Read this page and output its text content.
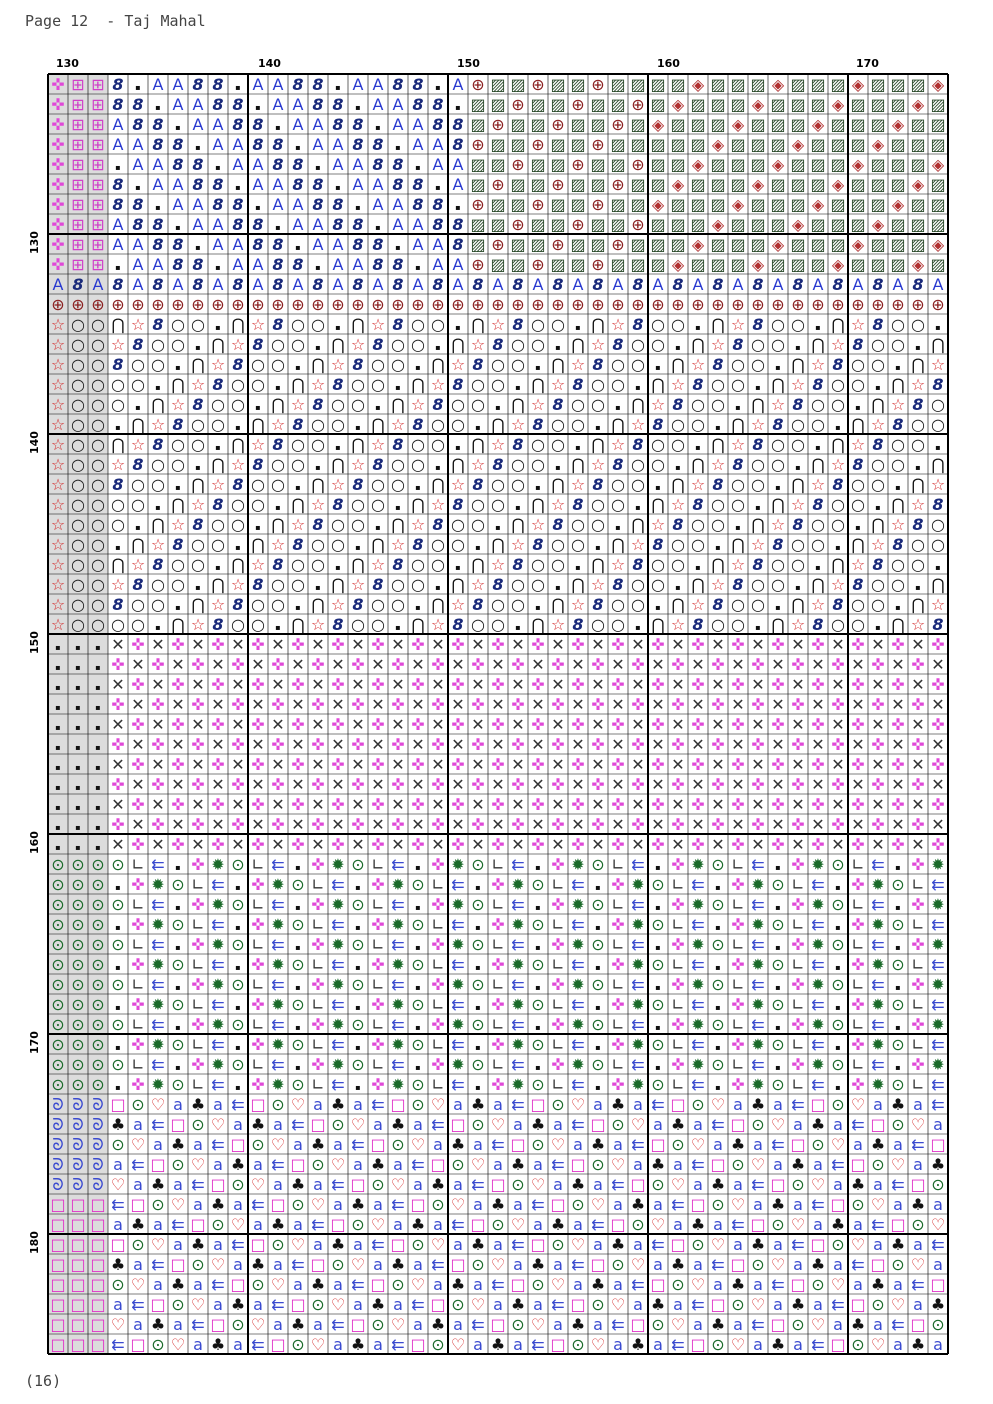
Page 12  - Taj Mahal
130	140	150	160	170
130
140
150
160
170
180
✜ ⊞ ⊞ 8 ▪ A A 8 8 ▪ A A 8 8 ▪ A A 8 8 ▪ A ⊕ ▨ ▨ ⊕ ▨ ▨ ⊕ ▨ ▨ ▨ ▨ ◈ ▨ ▨ ▨ ◈ ▨ ▨ ▨ ◈ ▨ ▨ ▨ ◈
✜ ⊞ ⊞ 8 8 ▪ A A 8 8 ▪ A A 8 8 ▪ A A 8 8 ▪ ▨ ▨ ⊕ ▨ ▨ ⊕ ▨ ▨ ⊕ ▨ ◈ ▨ ▨ ▨ ◈ ▨ ▨ ▨ ◈ ▨ ▨ ▨ ◈ ▨
✜ ⊞ ⊞ A 8 8 ▪ A A 8 8 ▪ A A 8 8 ▪ A A 8 8 ▨ ⊕ ▨ ▨ ⊕ ▨ ▨ ⊕ ▨ ◈ ▨ ▨ ▨ ◈ ▨ ▨ ▨ ◈ ▨ ▨ ▨ ◈ ▨ ▨
✜ ⊞ ⊞ A A 8 8 ▪ A A 8 8 ▪ A A 8 8 ▪ A A 8 ⊕ ▨ ▨ ⊕ ▨ ▨ ⊕ ▨ ▨ ▨ ▨ ▨ ◈ ▨ ▨ ▨ ◈ ▨ ▨ ▨ ◈ ▨ ▨ ▨
✜ ⊞ ⊞ ▪ A A 8 8 ▪ A A 8 8 ▪ A A 8 8 ▪ A A ▨ ▨ ⊕ ▨ ▨ ⊕ ▨ ▨ ⊕ ▨ ▨ ◈ ▨ ▨ ▨ ◈ ▨ ▨ ▨ ◈ ▨ ▨ ▨ ◈
✜ ⊞ ⊞ 8 ▪ A A 8 8 ▪ A A 8 8 ▪ A A 8 8 ▪ A ▨ ⊕ ▨ ▨ ⊕ ▨ ▨ ⊕ ▨ ▨ ◈ ▨ ▨ ▨ ◈ ▨ ▨ ▨ ◈ ▨ ▨ ▨ ◈ ▨
✜ ⊞ ⊞ 8 8 ▪ A A 8 8 ▪ A A 8 8 ▪ A A 8 8 ▪ ⊕ ▨ ▨ ⊕ ▨ ▨ ⊕ ▨ ▨ ◈ ▨ ▨ ▨ ◈ ▨ ▨ ▨ ◈ ▨ ▨ ▨ ◈ ▨ ▨
✜ ⊞ ⊞ A 8 8 ▪ A A 8 8 ▪ A A 8 8 ▪ A A 8 8 ▨ ▨ ⊕ ▨ ▨ ⊕ ▨ ▨ ⊕ ▨ ▨ ▨ ◈ ▨ ▨ ▨ ◈ ▨ ▨ ▨ ◈ ▨ ▨ ▨
✜ ⊞ ⊞ A A 8 8 ▪ A A 8 8 ▪ A A 8 8 ▪ A A 8 ▨ ⊕ ▨ ▨ ⊕ ▨ ▨ ⊕ ▨ ▨ ▨ ◈ ▨ ▨ ▨ ◈ ▨ ▨ ▨ ◈ ▨ ▨ ▨ ◈
✜ ⊞ ⊞ ▪ A A 8 8 ▪ A A 8 8 ▪ A A 8 8 ▪ A A ⊕ ▨ ▨ ⊕ ▨ ▨ ⊕ ▨ ▨ ▨ ◈ ▨ ▨ ▨ ◈ ▨ ▨ ▨ ◈ ▨ ▨ ▨ ◈ ▨
A 8 A 8 A 8 A 8 A 8 A 8 A 8 A 8 A 8 A 8 A 8 A 8 A 8 A 8 A 8 A 8 A 8 A 8 A 8 A 8 A 8 A 8 A
⊕ ⊕ ⊕ ⊕ ⊕ ⊕ ⊕ ⊕ ⊕ ⊕ ⊕ ⊕ ⊕ ⊕ ⊕ ⊕ ⊕ ⊕ ⊕ ⊕ ⊕ ⊕ ⊕ ⊕ ⊕ ⊕ ⊕ ⊕ ⊕ ⊕ ⊕ ⊕ ⊕ ⊕ ⊕ ⊕ ⊕ ⊕ ⊕ ⊕ ⊕ ⊕ ⊕ ⊕ ⊕
☆ ○ ○ ⋂ ☆ 8 ○ ○ ▪ ⋂ ☆ 8 ○ ○ ▪ ⋂ ☆ 8 ○ ○ ▪ ⋂ ☆ 8 ○ ○ ▪ ⋂ ☆ 8 ○ ○ ▪ ⋂ ☆ 8 ○ ○ ▪ ⋂ ☆ 8 ○ ○ ▪
☆ ○ ○ ☆ 8 ○ ○ ▪ ⋂ ☆ 8 ○ ○ ▪ ⋂ ☆ 8 ○ ○ ▪ ⋂ ☆ 8 ○ ○ ▪ ⋂ ☆ 8 ○ ○ ▪ ⋂ ☆ 8 ○ ○ ▪ ⋂ ☆ 8 ○ ○ ▪ ⋂
☆ ○ ○ 8 ○ ○ ▪ ⋂ ☆ 8 ○ ○ ▪ ⋂ ☆ 8 ○ ○ ▪ ⋂ ☆ 8 ○ ○ ▪ ⋂ ☆ 8 ○ ○ ▪ ⋂ ☆ 8 ○ ○ ▪ ⋂ ☆ 8 ○ ○ ▪ ⋂ ☆
☆ ○ ○ ○ ○ ▪ ⋂ ☆ 8 ○ ○ ▪ ⋂ ☆ 8 ○ ○ ▪ ⋂ ☆ 8 ○ ○ ▪ ⋂ ☆ 8 ○ ○ ▪ ⋂ ☆ 8 ○ ○ ▪ ⋂ ☆ 8 ○ ○ ▪ ⋂ ☆ 8
☆ ○ ○ ○ ▪ ⋂ ☆ 8 ○ ○ ▪ ⋂ ☆ 8 ○ ○ ▪ ⋂ ☆ 8 ○ ○ ▪ ⋂ ☆ 8 ○ ○ ▪ ⋂ ☆ 8 ○ ○ ▪ ⋂ ☆ 8 ○ ○ ▪ ⋂ ☆ 8 ○
☆ ○ ○ ▪ ⋂ ☆ 8 ○ ○ ▪ ⋂ ☆ 8 ○ ○ ▪ ⋂ ☆ 8 ○ ○ ▪ ⋂ ☆ 8 ○ ○ ▪ ⋂ ☆ 8 ○ ○ ▪ ⋂ ☆ 8 ○ ○ ▪ ⋂ ☆ 8 ○ ○
☆ ○ ○ ⋂ ☆ 8 ○ ○ ▪ ⋂ ☆ 8 ○ ○ ▪ ⋂ ☆ 8 ○ ○ ▪ ⋂ ☆ 8 ○ ○ ▪ ⋂ ☆ 8 ○ ○ ▪ ⋂ ☆ 8 ○ ○ ▪ ⋂ ☆ 8 ○ ○ ▪
☆ ○ ○ ☆ 8 ○ ○ ▪ ⋂ ☆ 8 ○ ○ ▪ ⋂ ☆ 8 ○ ○ ▪ ⋂ ☆ 8 ○ ○ ▪ ⋂ ☆ 8 ○ ○ ▪ ⋂ ☆ 8 ○ ○ ▪ ⋂ ☆ 8 ○ ○ ▪ ⋂
☆ ○ ○ 8 ○ ○ ▪ ⋂ ☆ 8 ○ ○ ▪ ⋂ ☆ 8 ○ ○ ▪ ⋂ ☆ 8 ○ ○ ▪ ⋂ ☆ 8 ○ ○ ▪ ⋂ ☆ 8 ○ ○ ▪ ⋂ ☆ 8 ○ ○ ▪ ⋂ ☆
☆ ○ ○ ○ ○ ▪ ⋂ ☆ 8 ○ ○ ▪ ⋂ ☆ 8 ○ ○ ▪ ⋂ ☆ 8 ○ ○ ▪ ⋂ ☆ 8 ○ ○ ▪ ⋂ ☆ 8 ○ ○ ▪ ⋂ ☆ 8 ○ ○ ▪ ⋂ ☆ 8
☆ ○ ○ ○ ▪ ⋂ ☆ 8 ○ ○ ▪ ⋂ ☆ 8 ○ ○ ▪ ⋂ ☆ 8 ○ ○ ▪ ⋂ ☆ 8 ○ ○ ▪ ⋂ ☆ 8 ○ ○ ▪ ⋂ ☆ 8 ○ ○ ▪ ⋂ ☆ 8 ○
☆ ○ ○ ▪ ⋂ ☆ 8 ○ ○ ▪ ⋂ ☆ 8 ○ ○ ▪ ⋂ ☆ 8 ○ ○ ▪ ⋂ ☆ 8 ○ ○ ▪ ⋂ ☆ 8 ○ ○ ▪ ⋂ ☆ 8 ○ ○ ▪ ⋂ ☆ 8 ○ ○
☆ ○ ○ ⋂ ☆ 8 ○ ○ ▪ ⋂ ☆ 8 ○ ○ ▪ ⋂ ☆ 8 ○ ○ ▪ ⋂ ☆ 8 ○ ○ ▪ ⋂ ☆ 8 ○ ○ ▪ ⋂ ☆ 8 ○ ○ ▪ ⋂ ☆ 8 ○ ○ ▪
☆ ○ ○ ☆ 8 ○ ○ ▪ ⋂ ☆ 8 ○ ○ ▪ ⋂ ☆ 8 ○ ○ ▪ ⋂ ☆ 8 ○ ○ ▪ ⋂ ☆ 8 ○ ○ ▪ ⋂ ☆ 8 ○ ○ ▪ ⋂ ☆ 8 ○ ○ ▪ ⋂
☆ ○ ○ 8 ○ ○ ▪ ⋂ ☆ 8 ○ ○ ▪ ⋂ ☆ 8 ○ ○ ▪ ⋂ ☆ 8 ○ ○ ▪ ⋂ ☆ 8 ○ ○ ▪ ⋂ ☆ 8 ○ ○ ▪ ⋂ ☆ 8 ○ ○ ▪ ⋂ ☆
☆ ○ ○ ○ ○ ▪ ⋂ ☆ 8 ○ ○ ▪ ⋂ ☆ 8 ○ ○ ▪ ⋂ ☆ 8 ○ ○ ▪ ⋂ ☆ 8 ○ ○ ▪ ⋂ ☆ 8 ○ ○ ▪ ⋂ ☆ 8 ○ ○ ▪ ⋂ ☆ 8
▪ ▪ ▪ ✕ ✜ ✕ ✜ ✕ ✜ ✕ ✜ ✕ ✜ ✕ ✜ ✕ ✜ ✕ ✜ ✕ ✜ ✕ ✜ ✕ ✜ ✕ ✜ ✕ ✜ ✕ ✜ ✕ ✜ ✕ ✜ ✕ ✜ ✕ ✜ ✕ ✜ ✕ ✜ ✕ ✜
▪ ▪ ▪ ✜ ✕ ✜ ✕ ✜ ✕ ✜ ✕ ✜ ✕ ✜ ✕ ✜ ✕ ✜ ✕ ✜ ✕ ✜ ✕ ✜ ✕ ✜ ✕ ✜ ✕ ✜ ✕ ✜ ✕ ✜ ✕ ✜ ✕ ✜ ✕ ✜ ✕ ✜ ✕ ✜ ✕
▪ ▪ ▪ ✕ ✜ ✕ ✜ ✕ ✜ ✕ ✜ ✕ ✜ ✕ ✜ ✕ ✜ ✕ ✜ ✕ ✜ ✕ ✜ ✕ ✜ ✕ ✜ ✕ ✜ ✕ ✜ ✕ ✜ ✕ ✜ ✕ ✜ ✕ ✜ ✕ ✜ ✕ ✜ ✕ ✜
▪ ▪ ▪ ✜ ✕ ✜ ✕ ✜ ✕ ✜ ✕ ✜ ✕ ✜ ✕ ✜ ✕ ✜ ✕ ✜ ✕ ✜ ✕ ✜ ✕ ✜ ✕ ✜ ✕ ✜ ✕ ✜ ✕ ✜ ✕ ✜ ✕ ✜ ✕ ✜ ✕ ✜ ✕ ✜ ✕
▪ ▪ ▪ ✕ ✜ ✕ ✜ ✕ ✜ ✕ ✜ ✕ ✜ ✕ ✜ ✕ ✜ ✕ ✜ ✕ ✜ ✕ ✜ ✕ ✜ ✕ ✜ ✕ ✜ ✕ ✜ ✕ ✜ ✕ ✜ ✕ ✜ ✕ ✜ ✕ ✜ ✕ ✜ ✕ ✜
▪ ▪ ▪ ✜ ✕ ✜ ✕ ✜ ✕ ✜ ✕ ✜ ✕ ✜ ✕ ✜ ✕ ✜ ✕ ✜ ✕ ✜ ✕ ✜ ✕ ✜ ✕ ✜ ✕ ✜ ✕ ✜ ✕ ✜ ✕ ✜ ✕ ✜ ✕ ✜ ✕ ✜ ✕ ✜ ✕
▪ ▪ ▪ ✕ ✜ ✕ ✜ ✕ ✜ ✕ ✜ ✕ ✜ ✕ ✜ ✕ ✜ ✕ ✜ ✕ ✜ ✕ ✜ ✕ ✜ ✕ ✜ ✕ ✜ ✕ ✜ ✕ ✜ ✕ ✜ ✕ ✜ ✕ ✜ ✕ ✜ ✕ ✜ ✕ ✜
▪ ▪ ▪ ✜ ✕ ✜ ✕ ✜ ✕ ✜ ✕ ✜ ✕ ✜ ✕ ✜ ✕ ✜ ✕ ✜ ✕ ✜ ✕ ✜ ✕ ✜ ✕ ✜ ✕ ✜ ✕ ✜ ✕ ✜ ✕ ✜ ✕ ✜ ✕ ✜ ✕ ✜ ✕ ✜ ✕
▪ ▪ ▪ ✕ ✜ ✕ ✜ ✕ ✜ ✕ ✜ ✕ ✜ ✕ ✜ ✕ ✜ ✕ ✜ ✕ ✜ ✕ ✜ ✕ ✜ ✕ ✜ ✕ ✜ ✕ ✜ ✕ ✜ ✕ ✜ ✕ ✜ ✕ ✜ ✕ ✜ ✕ ✜ ✕ ✜
▪ ▪ ▪ ✜ ✕ ✜ ✕ ✜ ✕ ✜ ✕ ✜ ✕ ✜ ✕ ✜ ✕ ✜ ✕ ✜ ✕ ✜ ✕ ✜ ✕ ✜ ✕ ✜ ✕ ✜ ✕ ✜ ✕ ✜ ✕ ✜ ✕ ✜ ✕ ✜ ✕ ✜ ✕ ✜ ✕
▪ ▪ ▪ ✕ ✜ ✕ ✜ ✕ ✜ ✕ ✜ ✕ ✜ ✕ ✜ ✕ ✜ ✕ ✜ ✕ ✜ ✕ ✜ ✕ ✜ ✕ ✜ ✕ ✜ ✕ ✜ ✕ ✜ ✕ ✜ ✕ ✜ ✕ ✜ ✕ ✜ ✕ ✜ ✕ ✜
⊙ ⊙ ⊙ ⊙ ∟ ⇇ ▪ ✜ ✹ ⊙ ∟ ⇇ ▪ ✜ ✹ ⊙ ∟ ⇇ ▪ ✜ ✹ ⊙ ∟ ⇇ ▪ ✜ ✹ ⊙ ∟ ⇇ ▪ ✜ ✹ ⊙ ∟ ⇇ ▪ ✜ ✹ ⊙ ∟ ⇇ ▪ ✜ ✹
⊙ ⊙ ⊙ ▪ ✜ ✹ ⊙ ∟ ⇇ ▪ ✜ ✹ ⊙ ∟ ⇇ ▪ ✜ ✹ ⊙ ∟ ⇇ ▪ ✜ ✹ ⊙ ∟ ⇇ ▪ ✜ ✹ ⊙ ∟ ⇇ ▪ ✜ ✹ ⊙ ∟ ⇇ ▪ ✜ ✹ ⊙ ∟ ⇇
⊙ ⊙ ⊙ ⊙ ∟ ⇇ ▪ ✜ ✹ ⊙ ∟ ⇇ ▪ ✜ ✹ ⊙ ∟ ⇇ ▪ ✜ ✹ ⊙ ∟ ⇇ ▪ ✜ ✹ ⊙ ∟ ⇇ ▪ ✜ ✹ ⊙ ∟ ⇇ ▪ ✜ ✹ ⊙ ∟ ⇇ ▪ ✜ ✹
⊙ ⊙ ⊙ ▪ ✜ ✹ ⊙ ∟ ⇇ ▪ ✜ ✹ ⊙ ∟ ⇇ ▪ ✜ ✹ ⊙ ∟ ⇇ ▪ ✜ ✹ ⊙ ∟ ⇇ ▪ ✜ ✹ ⊙ ∟ ⇇ ▪ ✜ ✹ ⊙ ∟ ⇇ ▪ ✜ ✹ ⊙ ∟ ⇇
⊙ ⊙ ⊙ ⊙ ∟ ⇇ ▪ ✜ ✹ ⊙ ∟ ⇇ ▪ ✜ ✹ ⊙ ∟ ⇇ ▪ ✜ ✹ ⊙ ∟ ⇇ ▪ ✜ ✹ ⊙ ∟ ⇇ ▪ ✜ ✹ ⊙ ∟ ⇇ ▪ ✜ ✹ ⊙ ∟ ⇇ ▪ ✜ ✹
⊙ ⊙ ⊙ ▪ ✜ ✹ ⊙ ∟ ⇇ ▪ ✜ ✹ ⊙ ∟ ⇇ ▪ ✜ ✹ ⊙ ∟ ⇇ ▪ ✜ ✹ ⊙ ∟ ⇇ ▪ ✜ ✹ ⊙ ∟ ⇇ ▪ ✜ ✹ ⊙ ∟ ⇇ ▪ ✜ ✹ ⊙ ∟ ⇇
⊙ ⊙ ⊙ ⊙ ∟ ⇇ ▪ ✜ ✹ ⊙ ∟ ⇇ ▪ ✜ ✹ ⊙ ∟ ⇇ ▪ ✜ ✹ ⊙ ∟ ⇇ ▪ ✜ ✹ ⊙ ∟ ⇇ ▪ ✜ ✹ ⊙ ∟ ⇇ ▪ ✜ ✹ ⊙ ∟ ⇇ ▪ ✜ ✹
⊙ ⊙ ⊙ ▪ ✜ ✹ ⊙ ∟ ⇇ ▪ ✜ ✹ ⊙ ∟ ⇇ ▪ ✜ ✹ ⊙ ∟ ⇇ ▪ ✜ ✹ ⊙ ∟ ⇇ ▪ ✜ ✹ ⊙ ∟ ⇇ ▪ ✜ ✹ ⊙ ∟ ⇇ ▪ ✜ ✹ ⊙ ∟ ⇇
⊙ ⊙ ⊙ ⊙ ∟ ⇇ ▪ ✜ ✹ ⊙ ∟ ⇇ ▪ ✜ ✹ ⊙ ∟ ⇇ ▪ ✜ ✹ ⊙ ∟ ⇇ ▪ ✜ ✹ ⊙ ∟ ⇇ ▪ ✜ ✹ ⊙ ∟ ⇇ ▪ ✜ ✹ ⊙ ∟ ⇇ ▪ ✜ ✹
⊙ ⊙ ⊙ ▪ ✜ ✹ ⊙ ∟ ⇇ ▪ ✜ ✹ ⊙ ∟ ⇇ ▪ ✜ ✹ ⊙ ∟ ⇇ ▪ ✜ ✹ ⊙ ∟ ⇇ ▪ ✜ ✹ ⊙ ∟ ⇇ ▪ ✜ ✹ ⊙ ∟ ⇇ ▪ ✜ ✹ ⊙ ∟ ⇇
⊙ ⊙ ⊙ ⊙ ∟ ⇇ ▪ ✜ ✹ ⊙ ∟ ⇇ ▪ ✜ ✹ ⊙ ∟ ⇇ ▪ ✜ ✹ ⊙ ∟ ⇇ ▪ ✜ ✹ ⊙ ∟ ⇇ ▪ ✜ ✹ ⊙ ∟ ⇇ ▪ ✜ ✹ ⊙ ∟ ⇇ ▪ ✜ ✹
⊙ ⊙ ⊙ ▪ ✜ ✹ ⊙ ∟ ⇇ ▪ ✜ ✹ ⊙ ∟ ⇇ ▪ ✜ ✹ ⊙ ∟ ⇇ ▪ ✜ ✹ ⊙ ∟ ⇇ ▪ ✜ ✹ ⊙ ∟ ⇇ ▪ ✜ ✹ ⊙ ∟ ⇇ ▪ ✜ ✹ ⊙ ∟ ⇇
ᘐ ᘐ ᘐ □ ⊙ ♡ a ♣ a ⇇ □ ⊙ ♡ a ♣ a ⇇ □ ⊙ ♡ a ♣ a ⇇ □ ⊙ ♡ a ♣ a ⇇ □ ⊙ ♡ a ♣ a ⇇ □ ⊙ ♡ a ♣ a ⇇
ᘐ ᘐ ᘐ ♣ a ⇇ □ ⊙ ♡ a ♣ a ⇇ □ ⊙ ♡ a ♣ a ⇇ □ ⊙ ♡ a ♣ a ⇇ □ ⊙ ♡ a ♣ a ⇇ □ ⊙ ♡ a ♣ a ⇇ □ ⊙ ♡ a
ᘐ ᘐ ᘐ ⊙ ♡ a ♣ a ⇇ □ ⊙ ♡ a ♣ a ⇇ □ ⊙ ♡ a ♣ a ⇇ □ ⊙ ♡ a ♣ a ⇇ □ ⊙ ♡ a ♣ a ⇇ □ ⊙ ♡ a ♣ a ⇇ □
ᘐ ᘐ ᘐ a ⇇ □ ⊙ ♡ a ♣ a ⇇ □ ⊙ ♡ a ♣ a ⇇ □ ⊙ ♡ a ♣ a ⇇ □ ⊙ ♡ a ♣ a ⇇ □ ⊙ ♡ a ♣ a ⇇ □ ⊙ ♡ a ♣
ᘐ ᘐ ᘐ ♡ a ♣ a ⇇ □ ⊙ ♡ a ♣ a ⇇ □ ⊙ ♡ a ♣ a ⇇ □ ⊙ ♡ a ♣ a ⇇ □ ⊙ ♡ a ♣ a ⇇ □ ⊙ ♡ a ♣ a ⇇ □ ⊙
□ □ □ ⇇ □ ⊙ ♡ a ♣ a ⇇ □ ⊙ ♡ a ♣ a ⇇ □ ⊙ ♡ a ♣ a ⇇ □ ⊙ ♡ a ♣ a ⇇ □ ⊙ ♡ a ♣ a ⇇ □ ⊙ ♡ a ♣ a
□ □ □ a ♣ a ⇇ □ ⊙ ♡ a ♣ a ⇇ □ ⊙ ♡ a ♣ a ⇇ □ ⊙ ♡ a ♣ a ⇇ □ ⊙ ♡ a ♣ a ⇇ □ ⊙ ♡ a ♣ a ⇇ □ ⊙ ♡
□ □ □ □ ⊙ ♡ a ♣ a ⇇ □ ⊙ ♡ a ♣ a ⇇ □ ⊙ ♡ a ♣ a ⇇ □ ⊙ ♡ a ♣ a ⇇ □ ⊙ ♡ a ♣ a ⇇ □ ⊙ ♡ a ♣ a ⇇
□ □ □ ♣ a ⇇ □ ⊙ ♡ a ♣ a ⇇ □ ⊙ ♡ a ♣ a ⇇ □ ⊙ ♡ a ♣ a ⇇ □ ⊙ ♡ a ♣ a ⇇ □ ⊙ ♡ a ♣ a ⇇ □ ⊙ ♡ a
□ □ □ ⊙ ♡ a ♣ a ⇇ □ ⊙ ♡ a ♣ a ⇇ □ ⊙ ♡ a ♣ a ⇇ □ ⊙ ♡ a ♣ a ⇇ □ ⊙ ♡ a ♣ a ⇇ □ ⊙ ♡ a ♣ a ⇇ □
□ □ □ a ⇇ □ ⊙ ♡ a ♣ a ⇇ □ ⊙ ♡ a ♣ a ⇇ □ ⊙ ♡ a ♣ a ⇇ □ ⊙ ♡ a ♣ a ⇇ □ ⊙ ♡ a ♣ a ⇇ □ ⊙ ♡ a ♣
□ □ □ ♡ a ♣ a ⇇ □ ⊙ ♡ a ♣ a ⇇ □ ⊙ ♡ a ♣ a ⇇ □ ⊙ ♡ a ♣ a ⇇ □ ⊙ ♡ a ♣ a ⇇ □ ⊙ ♡ a ♣ a ⇇ □ ⊙
□ □ □ ⇇ □ ⊙ ♡ a ♣ a ⇇ □ ⊙ ♡ a ♣ a ⇇ □ ⊙ ♡ a ♣ a ⇇ □ ⊙ ♡ a ♣ a ⇇ □ ⊙ ♡ a ♣ a ⇇ □ ⊙ ♡ a ♣ a
(16)
